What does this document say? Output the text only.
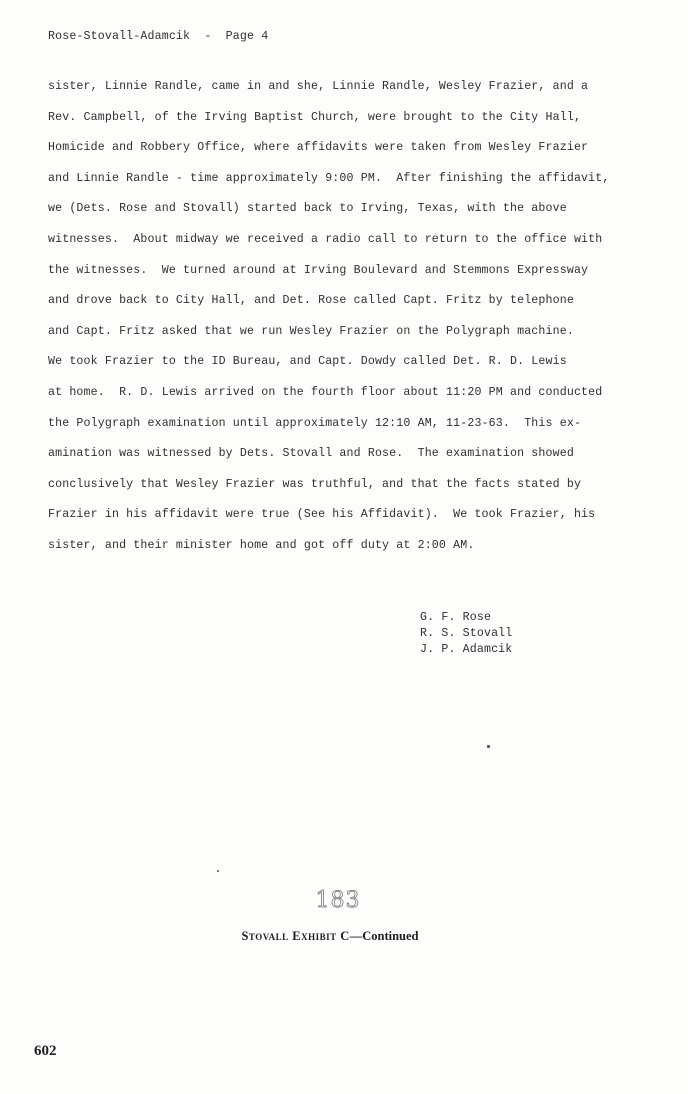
Rose-Stovall-Adamcik  -  Page 4
sister, Linnie Randle, came in and she, Linnie Randle, Wesley Frazier, and a
Rev. Campbell, of the Irving Baptist Church, were brought to the City Hall,
Homicide and Robbery Office, where affidavits were taken from Wesley Frazier
and Linnie Randle - time approximately 9:00 PM.  After finishing the affidavit,
we (Dets. Rose and Stovall) started back to Irving, Texas, with the above
witnesses.  About midway we received a radio call to return to the office with
the witnesses.  We turned around at Irving Boulevard and Stemmons Expressway
and drove back to City Hall, and Det. Rose called Capt. Fritz by telephone
and Capt. Fritz asked that we run Wesley Frazier on the Polygraph machine.
We took Frazier to the ID Bureau, and Capt. Dowdy called Det. R. D. Lewis
at home.  R. D. Lewis arrived on the fourth floor about 11:20 PM and conducted
the Polygraph examination until approximately 12:10 AM, 11-23-63.  This ex-
amination was witnessed by Dets. Stovall and Rose.  The examination showed
conclusively that Wesley Frazier was truthful, and that the facts stated by
Frazier in his affidavit were true (See his Affidavit).  We took Frazier, his
sister, and their minister home and got off duty at 2:00 AM.
G. F. Rose
R. S. Stovall
J. P. Adamcik
183
Stovall Exhibit C—Continued
602
